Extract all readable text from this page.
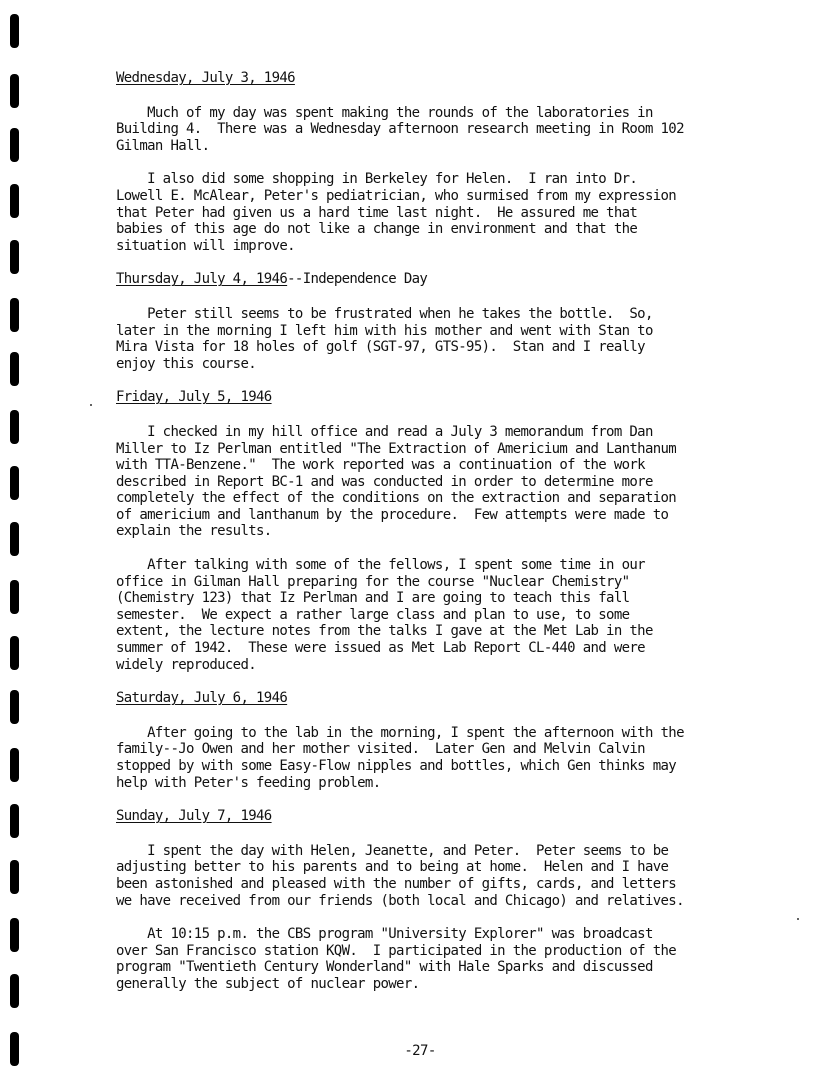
Wednesday, July 3, 1946

Much of my day was spent making the rounds of the laboratories in
Building 4.  There was a Wednesday afternoon research meeting in Room 102
Gilman Hall.

I also did some shopping in Berkeley for Helen.  I ran into Dr.
Lowell E. McAlear, Peter's pediatrician, who surmised from my expression
that Peter had given us a hard time last night.  He assured me that
babies of this age do not like a change in environment and that the
situation will improve.

Thursday, July 4, 1946--Independence Day

Peter still seems to be frustrated when he takes the bottle.  So,
later in the morning I left him with his mother and went with Stan to
Mira Vista for 18 holes of golf (SGT-97, GTS-95).  Stan and I really
enjoy this course.

Friday, July 5, 1946

I checked in my hill office and read a July 3 memorandum from Dan
Miller to Iz Perlman entitled "The Extraction of Americium and Lanthanum
with TTA-Benzene."  The work reported was a continuation of the work
described in Report BC-1 and was conducted in order to determine more
completely the effect of the conditions on the extraction and separation
of americium and lanthanum by the procedure.  Few attempts were made to
explain the results.

After talking with some of the fellows, I spent some time in our
office in Gilman Hall preparing for the course "Nuclear Chemistry"
(Chemistry 123) that Iz Perlman and I are going to teach this fall
semester.  We expect a rather large class and plan to use, to some
extent, the lecture notes from the talks I gave at the Met Lab in the
summer of 1942.  These were issued as Met Lab Report CL-440 and were
widely reproduced.

Saturday, July 6, 1946

After going to the lab in the morning, I spent the afternoon with the
family--Jo Owen and her mother visited.  Later Gen and Melvin Calvin
stopped by with some Easy-Flow nipples and bottles, which Gen thinks may
help with Peter's feeding problem.

Sunday, July 7, 1946

I spent the day with Helen, Jeanette, and Peter.  Peter seems to be
adjusting better to his parents and to being at home.  Helen and I have
been astonished and pleased with the number of gifts, cards, and letters
we have received from our friends (both local and Chicago) and relatives.

At 10:15 p.m. the CBS program "University Explorer" was broadcast
over San Francisco station KQW.  I participated in the production of the
program "Twentieth Century Wonderland" with Hale Sparks and discussed
generally the subject of nuclear power.

-27-
